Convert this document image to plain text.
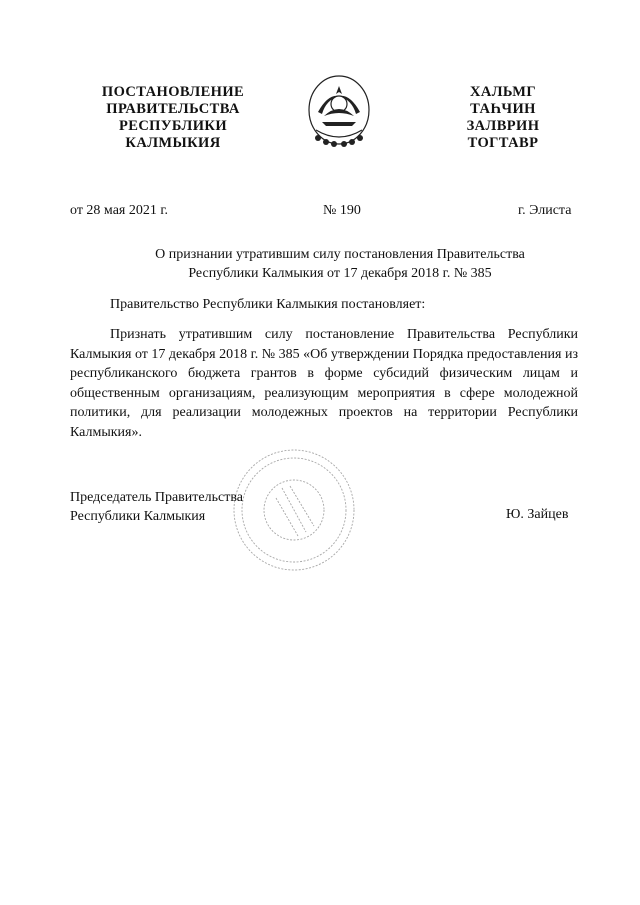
ПОСТАНОВЛЕНИЕ
ПРАВИТЕЛЬСТВА
РЕСПУБЛИКИ
КАЛМЫКИЯ
ХАЛЬМГ
ТАҺЧИН
ЗАЛВРИН
ТОГТАВР
от 28 мая 2021 г.	№ 190	г. Элиста
О признании утратившим силу постановления Правительства
Республики Калмыкия от 17 декабря 2018 г. № 385
Правительство Республики Калмыкия постановляет:

Признать утратившим силу постановление Правительства Республики Калмыкия от 17 декабря 2018 г. № 385 «Об утверждении Порядка предоставления из республиканского бюджета грантов в форме субсидий физическим лицам и общественным организациям, реализующим мероприятия в сфере молодежной политики, для реализации молодежных проектов на территории Республики Калмыкия».

Председатель Правительства
Республики Калмыкия	Ю. Зайцев
